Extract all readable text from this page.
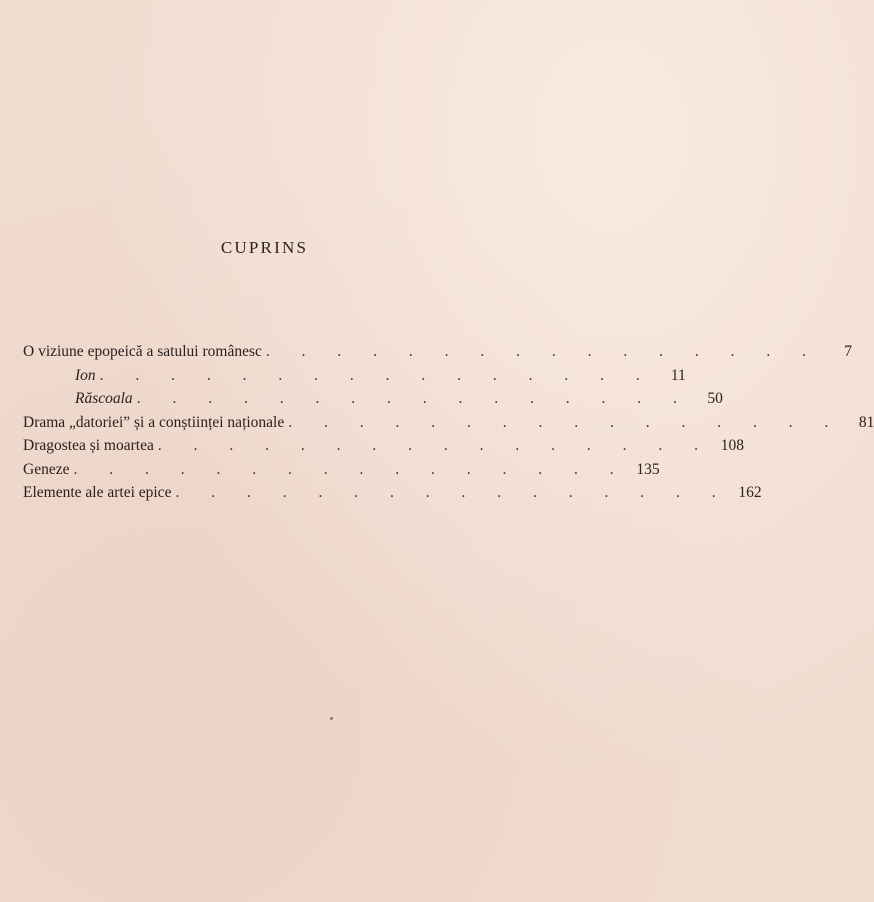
CUPRINS
O viziune epopeică a satului românesc . . . . . . . . . . . . . . . .	7
Ion . . . . . . . . . . . . . . . .	11
Răscoala . . . . . . . . . . . . . . . .	50
Drama „datoriei” și a conștiinței naționale . . . . . . . . . . . . . . . .	81
Dragostea și moartea . . . . . . . . . . . . . . . . 108
Geneze . . . . . . . . . . . . . . . . 135
Elemente ale artei epice . . . . . . . . . . . . . . . . 162
